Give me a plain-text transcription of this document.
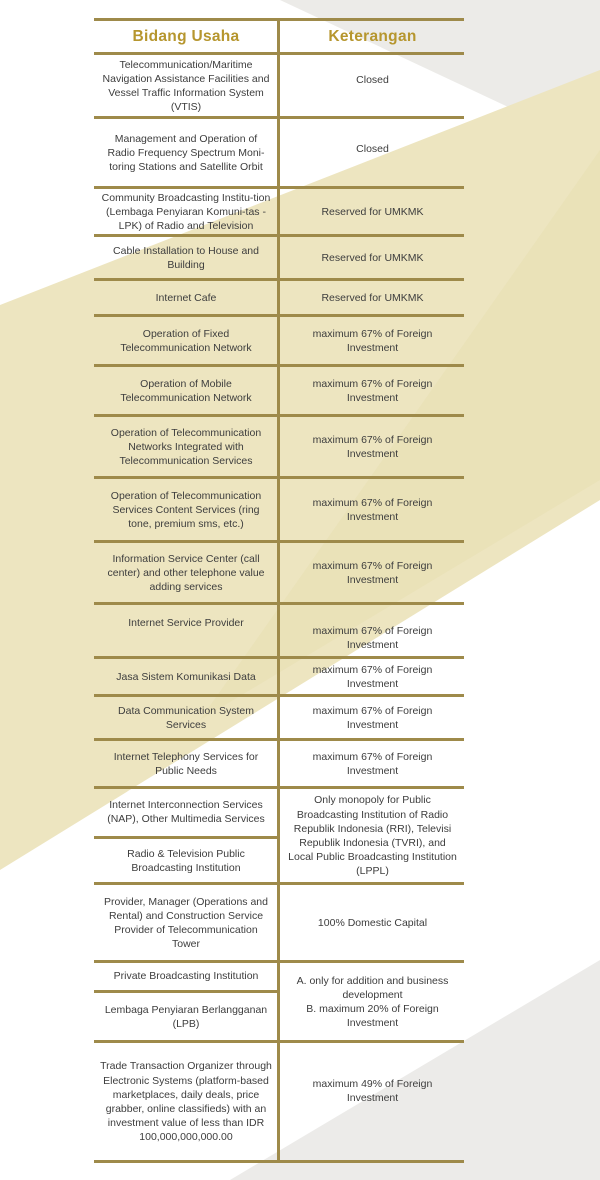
Bidang Usaha	Keterangan
Telecommunication/Maritime Navigation Assistance Facilities and Vessel Traffic Information System (VTIS)
Closed
Management and Operation of Radio Frequency Spectrum Moni-toring Stations and Satellite Orbit
Closed
Community Broadcasting Institu-tion (Lembaga Penyiaran Komuni-tas - LPK) of Radio and Television
Reserved for UMKMK
Cable Installation to House and Building
Reserved for UMKMK
Internet Cafe	Reserved for UMKMK
Operation of Fixed Telecommunication Network
maximum 67% of Foreign Investment
Operation of Mobile Telecommunication Network
maximum 67% of Foreign Investment
Operation of Telecommunication Networks Integrated with Telecommunication Services
maximum 67% of Foreign Investment
Operation of Telecommunication Services Content Services (ring tone, premium sms, etc.)
maximum 67% of Foreign Investment
Information Service Center (call center) and other telephone value adding services
maximum 67% of Foreign Investment
Internet Service Provider
maximum 67% of Foreign Investment
Jasa Sistem Komunikasi Data
maximum 67% of Foreign Investment
Data Communication System Services
maximum 67% of Foreign Investment
Internet Telephony Services for Public Needs
maximum 67% of Foreign Investment
Internet Interconnection Services (NAP), Other Multimedia Services
Radio & Television Public Broadcasting Institution
Only monopoly for Public Broadcasting Institution of Radio Republik Indonesia (RRI), Televisi Republik Indonesia (TVRI), and Local Public Broadcasting Institution (LPPL)
Provider, Manager (Operations and Rental) and Construction Service Provider of Telecommunication Tower
100% Domestic Capital
Private Broadcasting Institution
Lembaga Penyiaran Berlangganan (LPB)
A. only for addition and business development
B. maximum 20% of Foreign Investment
Trade Transaction Organizer through Electronic Systems (platform-based marketplaces, daily deals, price grabber, online classifieds) with an investment value of less than IDR 100,000,000,000.00
maximum 49% of Foreign Investment
